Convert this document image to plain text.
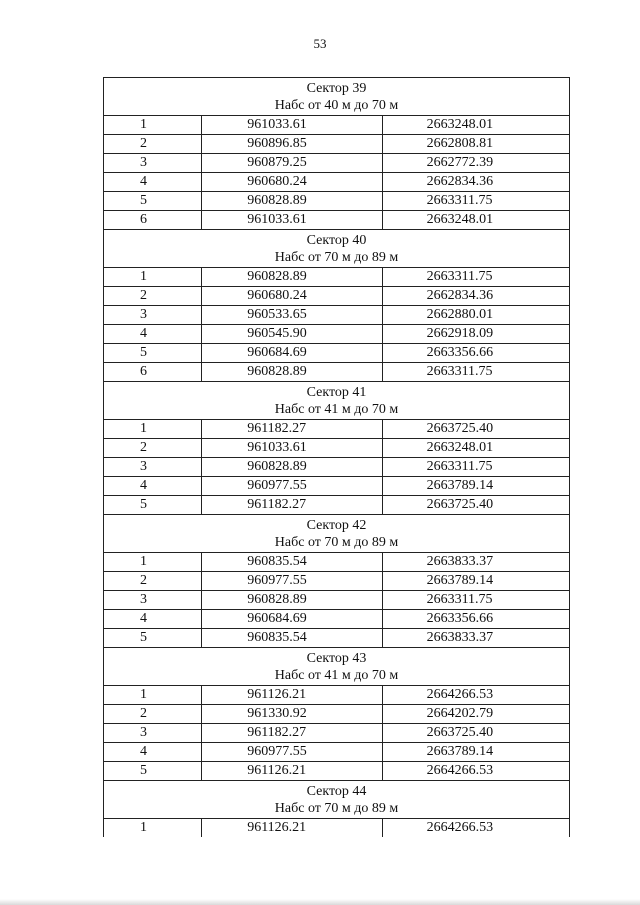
53
Сектор 39
Набс от 40 м до 70 м		

1	961033.61	2663248.01
2	960896.85	2662808.81
3	960879.25	2662772.39
4	960680.24	2662834.36
5	960828.89	2663311.75
6	961033.61	2663248.01

Сектор 40
Набс от 70 м до 89 м		

1	960828.89	2663311.75
2	960680.24	2662834.36
3	960533.65	2662880.01
4	960545.90	2662918.09
5	960684.69	2663356.66
6	960828.89	2663311.75

Сектор 41
Набс от 41 м до 70 м		

1	961182.27	2663725.40
2	961033.61	2663248.01
3	960828.89	2663311.75
4	960977.55	2663789.14
5	961182.27	2663725.40

Сектор 42
Набс от 70 м до 89 м		

1	960835.54	2663833.37
2	960977.55	2663789.14
3	960828.89	2663311.75
4	960684.69	2663356.66
5	960835.54	2663833.37

Сектор 43
Набс от 41 м до 70 м		

1	961126.21	2664266.53
2	961330.92	2664202.79
3	961182.27	2663725.40
4	960977.55	2663789.14
5	961126.21	2664266.53

Сектор 44
Набс от 70 м до 89 м		

1	961126.21	2664266.53
